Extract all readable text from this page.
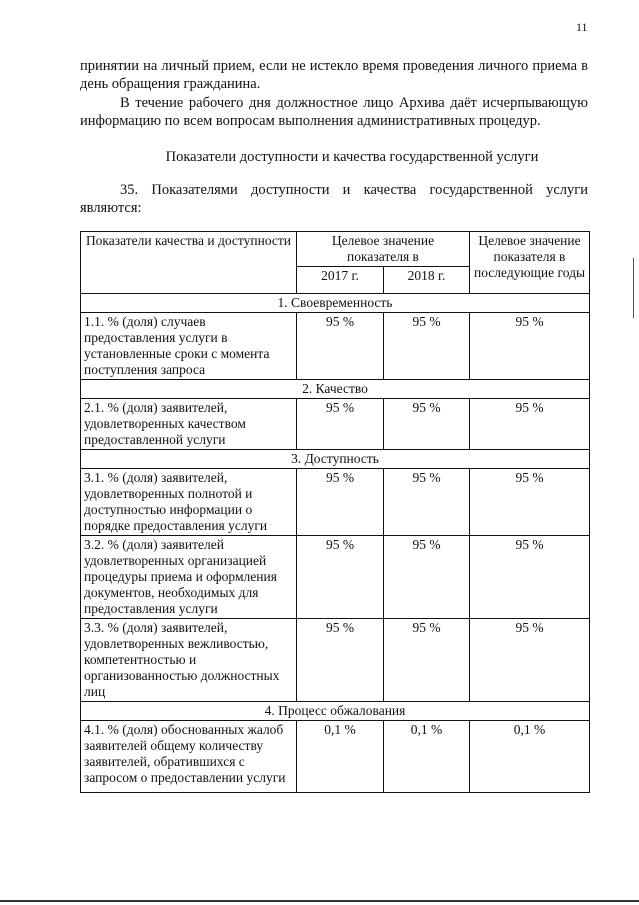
11

принятии на личный прием, если не истекло время проведения личного приема в день обращения гражданина.

В течение рабочего дня должностное лицо Архива даёт исчерпывающую информацию по всем вопросам выполнения административных процедур.

Показатели доступности и качества государственной услуги

35. Показателями доступности и качества государственной услуги являются:

Показатели качества и доступности	Целевое значение показателя в		Целевое значение показателя в последующие годы
	2017 г.	2018 г.	
1. Своевременность			
1.1. % (доля) случаев предоставления услуги в установленные сроки с момента поступления запроса	95 %	95 %	95 %
2. Качество			
2.1. % (доля) заявителей, удовлетворенных качеством предоставленной услуги	95 %	95 %	95 %
3. Доступность			
3.1. % (доля) заявителей, удовлетворенных полнотой и доступностью информации о порядке предоставления услуги	95 %	95 %	95 %
3.2. % (доля) заявителей удовлетворенных организацией процедуры приема и оформления документов, необходимых для предоставления услуги	95 %	95 %	95 %
3.3. % (доля) заявителей, удовлетворенных вежливостью, компетентностью и организованностью должностных лиц	95 %	95 %	95 %
4. Процесс обжалования			
4.1. % (доля) обоснованных жалоб заявителей общему количеству заявителей, обратившихся с запросом о предоставлении услуги	0,1 %	0,1 %	0,1 %
